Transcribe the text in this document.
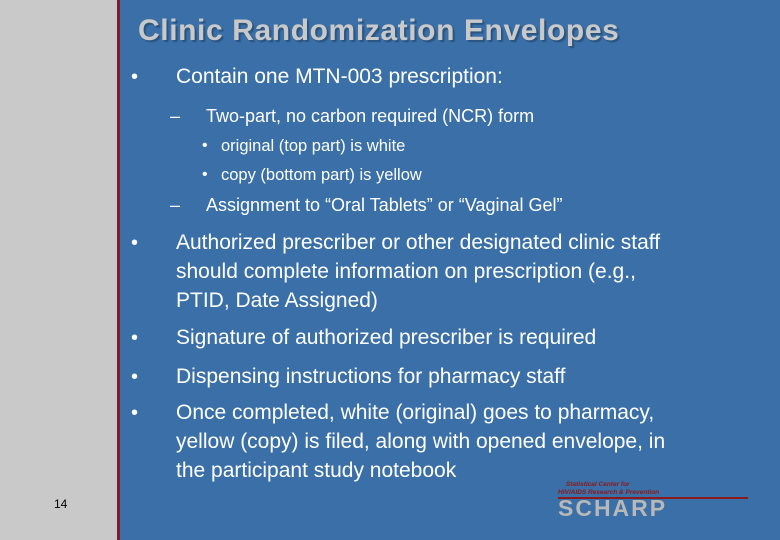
Clinic Randomization Envelopes
• Contain one MTN-003 prescription:
– Two-part, no carbon required (NCR) form
• original (top part) is white
• copy (bottom part) is yellow
– Assignment to “Oral Tablets” or “Vaginal Gel”
• Authorized prescriber or other designated clinic staff
should complete information on prescription (e.g.,
PTID, Date Assigned)
• Signature of authorized prescriber is required
• Dispensing instructions for pharmacy staff
• Once completed, white (original) goes to pharmacy,
yellow (copy) is filed, along with opened envelope, in
the participant study notebook
14
Statistical Center for
HIV/AIDS Research & Prevention
SCHARP
